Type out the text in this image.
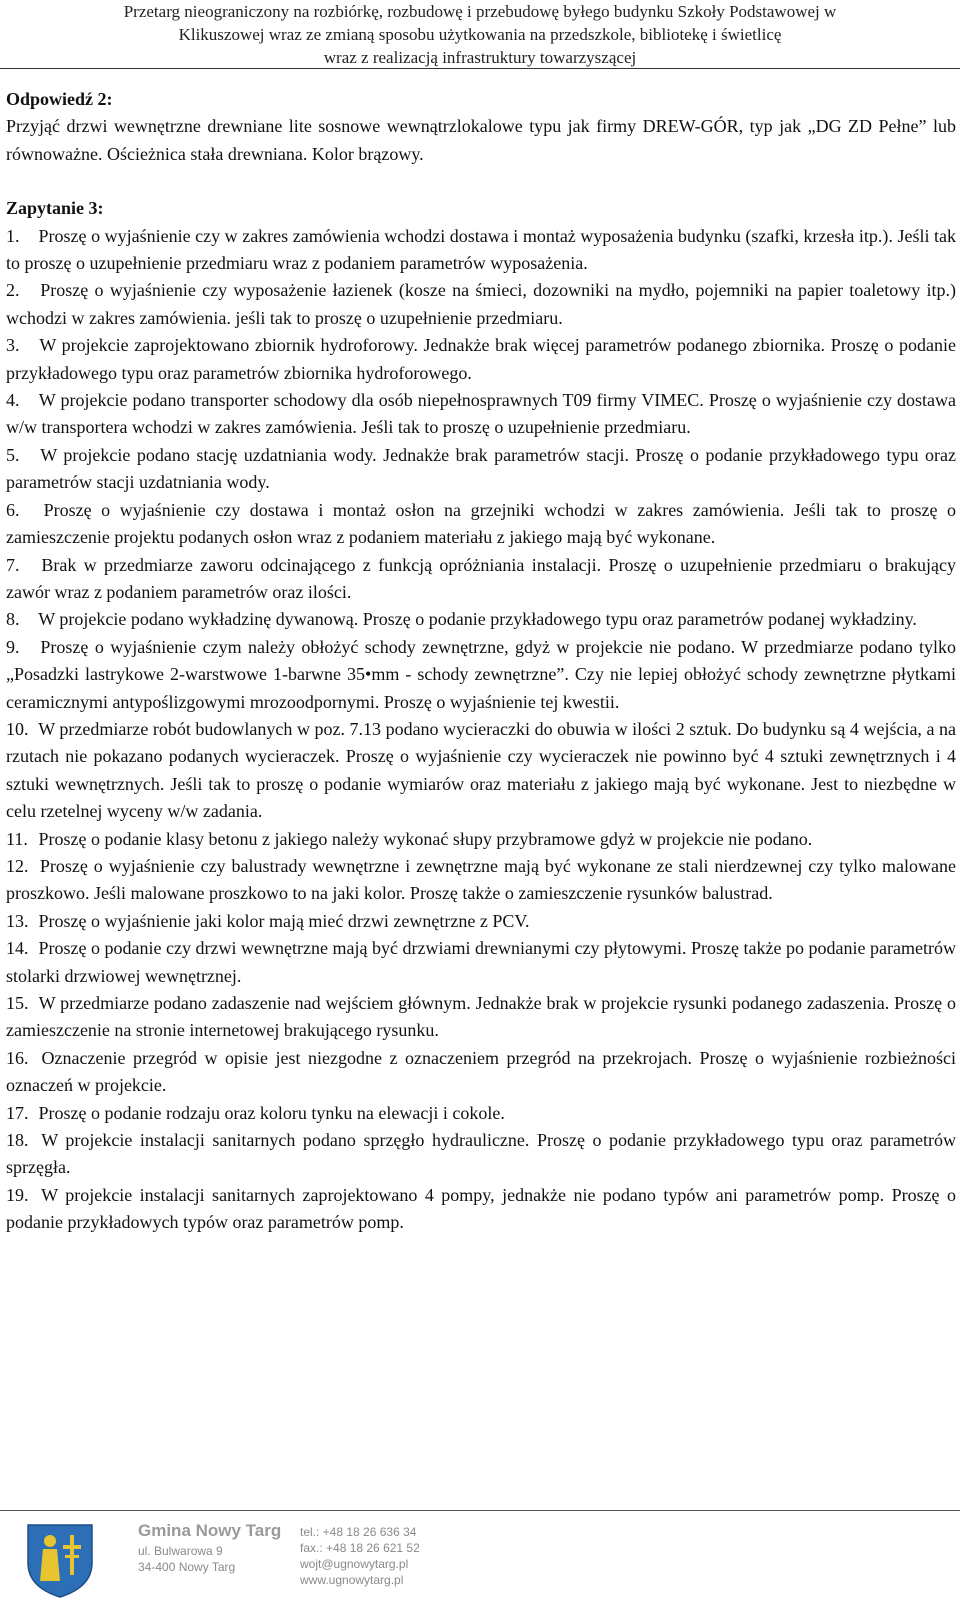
Przetarg nieograniczony na rozbiórkę, rozbudowę i przebudowę byłego budynku Szkoły Podstawowej w
Klikuszowej wraz ze zmianą sposobu użytkowania na przedszkole, bibliotekę i świetlicę
wraz z realizacją infrastruktury towarzyszącej

Odpowiedź 2:

Przyjąć drzwi wewnętrzne drewniane lite sosnowe wewnątrzlokalowe typu jak firmy DREW-GÓR, typ jak „DG ZD Pełne” lub równoważne. Ościeżnica stała drewniana. Kolor brązowy.

Zapytanie 3:

1. Proszę o wyjaśnienie czy w zakres zamówienia wchodzi dostawa i montaż wyposażenia budynku (szafki, krzesła itp.). Jeśli tak to proszę o uzupełnienie przedmiaru wraz z podaniem parametrów wyposażenia.

2. Proszę o wyjaśnienie czy wyposażenie łazienek (kosze na śmieci, dozowniki na mydło, pojemniki na papier toaletowy itp.) wchodzi w zakres zamówienia. jeśli tak to proszę o uzupełnienie przedmiaru.

3. W projekcie zaprojektowano zbiornik hydroforowy. Jednakże brak więcej parametrów podanego zbiornika. Proszę o podanie przykładowego typu oraz parametrów zbiornika hydroforowego.

4. W projekcie podano transporter schodowy dla osób niepełnosprawnych T09 firmy VIMEC. Proszę o wyjaśnienie czy dostawa w/w transportera wchodzi w zakres zamówienia. Jeśli tak to proszę o uzupełnienie przedmiaru.

5. W projekcie podano stację uzdatniania wody. Jednakże brak parametrów stacji. Proszę o podanie przykładowego typu oraz parametrów stacji uzdatniania wody.

6. Proszę o wyjaśnienie czy dostawa i montaż osłon na grzejniki wchodzi w zakres zamówienia. Jeśli tak to proszę o zamieszczenie projektu podanych osłon wraz z podaniem materiału z jakiego mają być wykonane.

7. Brak w przedmiarze zaworu odcinającego z funkcją opróżniania instalacji. Proszę o uzupełnienie przedmiaru o brakujący zawór wraz z podaniem parametrów oraz ilości.

8. W projekcie podano wykładzinę dywanową. Proszę o podanie przykładowego typu oraz parametrów podanej wykładziny.

9. Proszę o wyjaśnienie czym należy obłożyć schody zewnętrzne, gdyż w projekcie nie podano. W przedmiarze podano tylko „Posadzki lastrykowe 2-warstwowe 1-barwne 35•mm - schody zewnętrzne”. Czy nie lepiej obłożyć schody zewnętrzne płytkami ceramicznymi antypoślizgowymi mrozoodpornymi. Proszę o wyjaśnienie tej kwestii.

10. W przedmiarze robót budowlanych w poz. 7.13 podano wycieraczki do obuwia w ilości 2 sztuk. Do budynku są 4 wejścia, a na rzutach nie pokazano podanych wycieraczek. Proszę o wyjaśnienie czy wycieraczek nie powinno być 4 sztuki zewnętrznych i 4 sztuki wewnętrznych. Jeśli tak to proszę o podanie wymiarów oraz materiału z jakiego mają być wykonane. Jest to niezbędne w celu rzetelnej wyceny w/w zadania.

11. Proszę o podanie klasy betonu z jakiego należy wykonać słupy przybramowe gdyż w projekcie nie podano.

12. Proszę o wyjaśnienie czy balustrady wewnętrzne i zewnętrzne mają być wykonane ze stali nierdzewnej czy tylko malowane proszkowo. Jeśli malowane proszkowo to na jaki kolor. Proszę także o zamieszczenie rysunków balustrad.

13. Proszę o wyjaśnienie jaki kolor mają mieć drzwi zewnętrzne z PCV.

14. Proszę o podanie czy drzwi wewnętrzne mają być drzwiami drewnianymi czy płytowymi. Proszę także po podanie parametrów stolarki drzwiowej wewnętrznej.

15. W przedmiarze podano zadaszenie nad wejściem głównym. Jednakże brak w projekcie rysunki podanego zadaszenia. Proszę o zamieszczenie na stronie internetowej brakującego rysunku.

16. Oznaczenie przegród w opisie jest niezgodne z oznaczeniem przegród na przekrojach. Proszę o wyjaśnienie rozbieżności oznaczeń w projekcie.

17. Proszę o podanie rodzaju oraz koloru tynku na elewacji i cokole.

18. W projekcie instalacji sanitarnych podano sprzęgło hydrauliczne. Proszę o podanie przykładowego typu oraz parametrów sprzęgła.

19. W projekcie instalacji sanitarnych zaprojektowano 4 pompy, jednakże nie podano typów ani parametrów pomp. Proszę o podanie przykładowych typów oraz parametrów pomp.

Gmina Nowy Targ
ul. Bulwarowa 9
34-400 Nowy Targ
tel.: +48 18 26 636 34
fax.: +48 18 26 621 52
wojt@ugnowytarg.pl
www.ugnowytarg.pl
